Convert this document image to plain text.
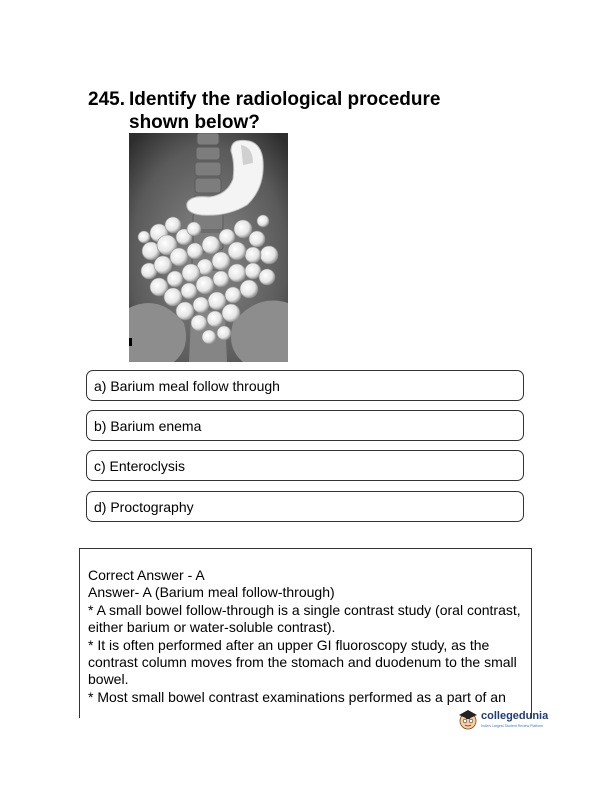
245. Identify the radiological procedure shown below?
a) Barium meal follow through
b) Barium enema
c) Enteroclysis
d) Proctography

Correct Answer - A

Answer- A (Barium meal follow-through)

* A small bowel follow-through is a single contrast study (oral contrast, either barium or water-soluble contrast).

* It is often performed after an upper GI fluoroscopy study, as the contrast column moves from the stomach and duodenum to the small bowel.

* Most small bowel contrast examinations performed as a part of an

collegedunia
India's Largest Student Review Platform
